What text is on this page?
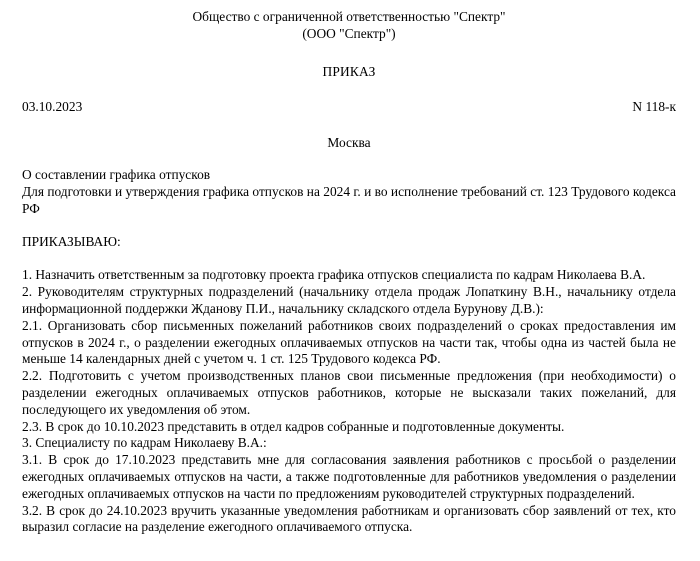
Общество с ограниченной ответственностью "Спектр"
(ООО "Спектр")
ПРИКАЗ
03.10.2023	N 118-к
Москва
О составлении графика отпусков
Для подготовки и утверждения графика отпусков на 2024 г. и во исполнение требований ст. 123 Трудового кодекса РФ
ПРИКАЗЫВАЮ:

1. Назначить ответственным за подготовку проекта графика отпусков специалиста по кадрам Николаева В.А.

2. Руководителям структурных подразделений (начальнику отдела продаж Лопаткину В.Н., начальнику отдела информационной поддержки Жданову П.И., начальнику складского отдела Бурунову Д.В.):

2.1. Организовать сбор письменных пожеланий работников своих подразделений о сроках предоставления им отпусков в 2024 г., о разделении ежегодных оплачиваемых отпусков на части так, чтобы одна из частей была не меньше 14 календарных дней с учетом ч. 1 ст. 125 Трудового кодекса РФ.

2.2. Подготовить с учетом производственных планов свои письменные предложения (при необходимости) о разделении ежегодных оплачиваемых отпусков работников, которые не высказали таких пожеланий, для последующего их уведомления об этом.

2.3. В срок до 10.10.2023 представить в отдел кадров собранные и подготовленные документы.

3. Специалисту по кадрам Николаеву В.А.:

3.1. В срок до 17.10.2023 представить мне для согласования заявления работников с просьбой о разделении ежегодных оплачиваемых отпусков на части, а также подготовленные для работников уведомления о разделении ежегодных оплачиваемых отпусков на части по предложениям руководителей структурных подразделений.

3.2. В срок до 24.10.2023 вручить указанные уведомления работникам и организовать сбор заявлений от тех, кто выразил согласие на разделение ежегодного оплачиваемого отпуска.
